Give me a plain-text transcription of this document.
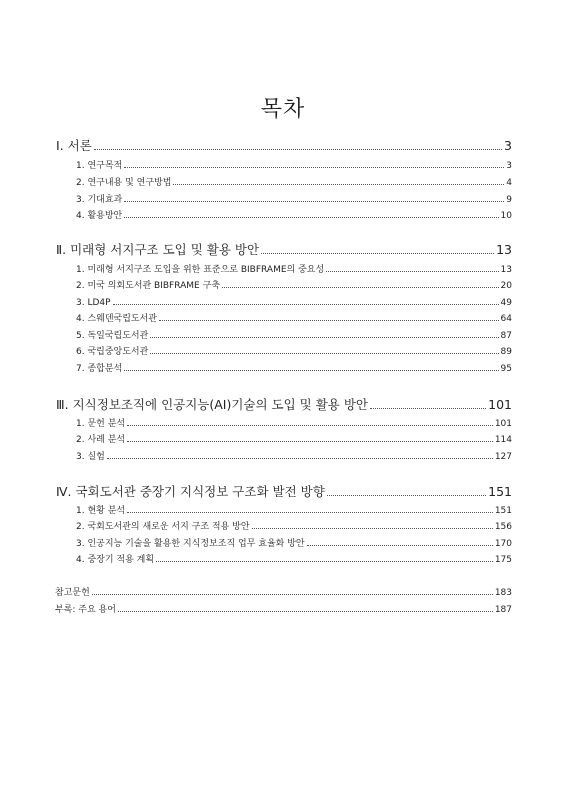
목차
Ⅰ. 서론	3
1. 연구목적	3
2. 연구내용 및 연구방법	4
3. 기대효과	9
4. 활용방안	10
Ⅱ. 미래형 서지구조 도입 및 활용 방안	13
1. 미래형 서지구조 도입을 위한 표준으로 BIBFRAME의 중요성	13
2. 미국 의회도서관 BIBFRAME 구축	20
3. LD4P	49
4. 스웨덴국립도서관	64
5. 독일국립도서관	87
6. 국립중앙도서관	89
7. 종합분석	95
Ⅲ. 지식정보조직에 인공지능(AI)기술의 도입 및 활용 방안	101
1. 문헌 분석	101
2. 사례 분석	114
3. 실험	127
Ⅳ. 국회도서관 중장기 지식정보 구조화 발전 방향	151
1. 현황 분석	151
2. 국회도서관의 새로운 서지 구조 적용 방안	156
3. 인공지능 기술을 활용한 지식정보조직 업무 효율화 방안	170
4. 중장기 적용 계획	175
참고문헌	183
부록: 주요 용어	187
